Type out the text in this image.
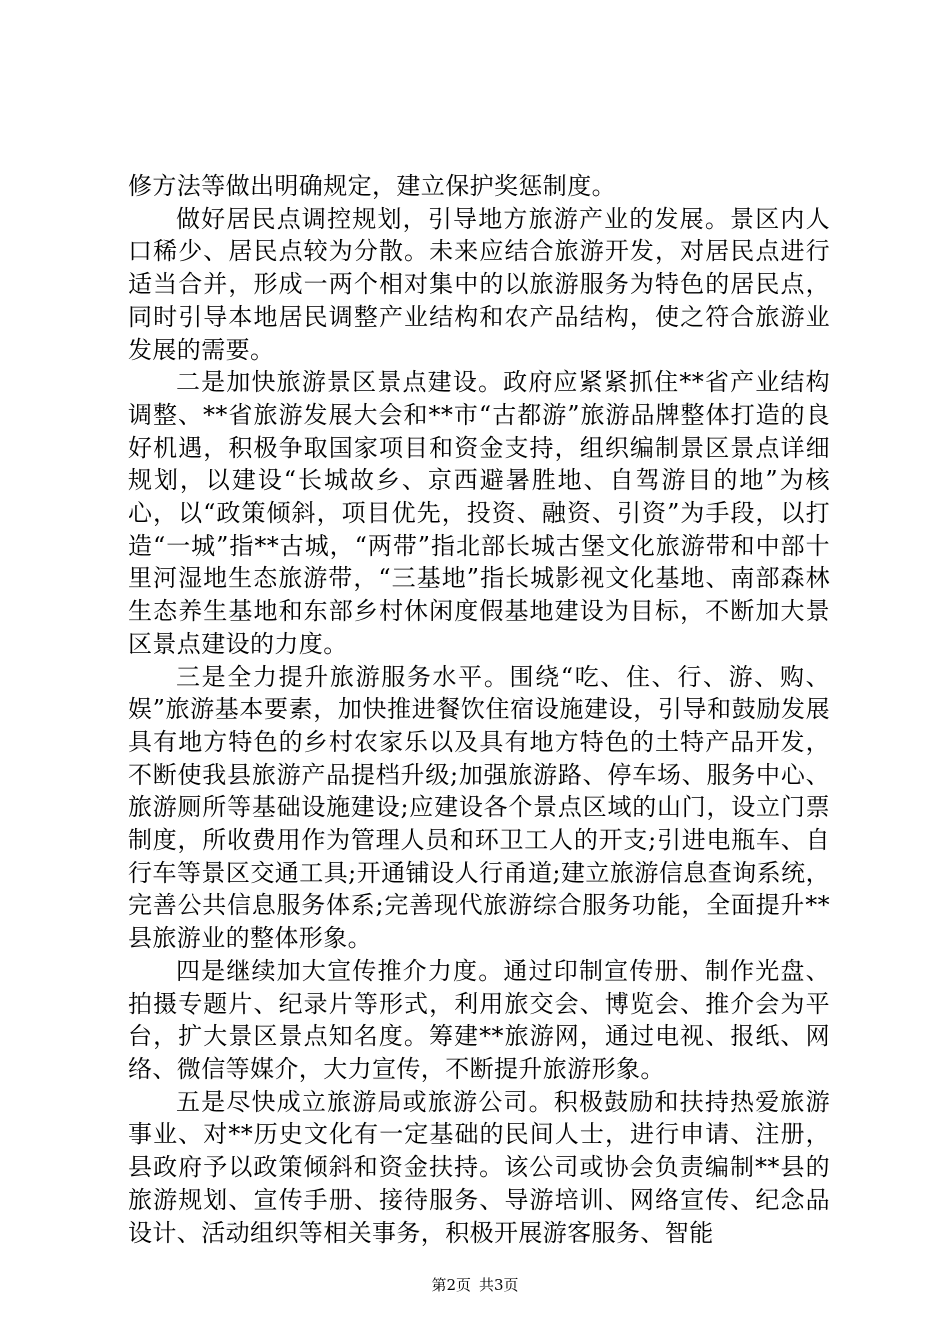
修方法等做出明确规定，建立保护奖惩制度。

做好居民点调控规划，引导地方旅游产业的发展。景区内人口稀少、居民点较为分散。未来应结合旅游开发，对居民点进行适当合并，形成一两个相对集中的以旅游服务为特色的居民点，同时引导本地居民调整产业结构和农产品结构，使之符合旅游业发展的需要。

二是加快旅游景区景点建设。政府应紧紧抓住**省产业结构调整、**省旅游发展大会和**市“古都游”旅游品牌整体打造的良好机遇，积极争取国家项目和资金支持，组织编制景区景点详细规划，以建设“长城故乡、京西避暑胜地、自驾游目的地”为核心，以“政策倾斜，项目优先，投资、融资、引资”为手段，以打造“一城”指**古城，“两带”指北部长城古堡文化旅游带和中部十里河湿地生态旅游带，“三基地”指长城影视文化基地、南部森林生态养生基地和东部乡村休闲度假基地建设为目标，不断加大景区景点建设的力度。

三是全力提升旅游服务水平。围绕“吃、住、行、游、购、娱”旅游基本要素，加快推进餐饮住宿设施建设，引导和鼓励发展具有地方特色的乡村农家乐以及具有地方特色的土特产品开发，不断使我县旅游产品提档升级;加强旅游路、停车场、服务中心、旅游厕所等基础设施建设;应建设各个景点区域的山门，设立门票制度，所收费用作为管理人员和环卫工人的开支;引进电瓶车、自行车等景区交通工具;开通铺设人行甬道;建立旅游信息查询系统，完善公共信息服务体系;完善现代旅游综合服务功能，全面提升**县旅游业的整体形象。

四是继续加大宣传推介力度。通过印制宣传册、制作光盘、拍摄专题片、纪录片等形式，利用旅交会、博览会、推介会为平台，扩大景区景点知名度。筹建**旅游网，通过电视、报纸、网络、微信等媒介，大力宣传，不断提升旅游形象。

五是尽快成立旅游局或旅游公司。积极鼓励和扶持热爱旅游事业、对**历史文化有一定基础的民间人士，进行申请、注册，县政府予以政策倾斜和资金扶持。该公司或协会负责编制**县的旅游规划、宣传手册、接待服务、导游培训、网络宣传、纪念品设计、活动组织等相关事务，积极开展游客服务、智能

第2页 共3页
